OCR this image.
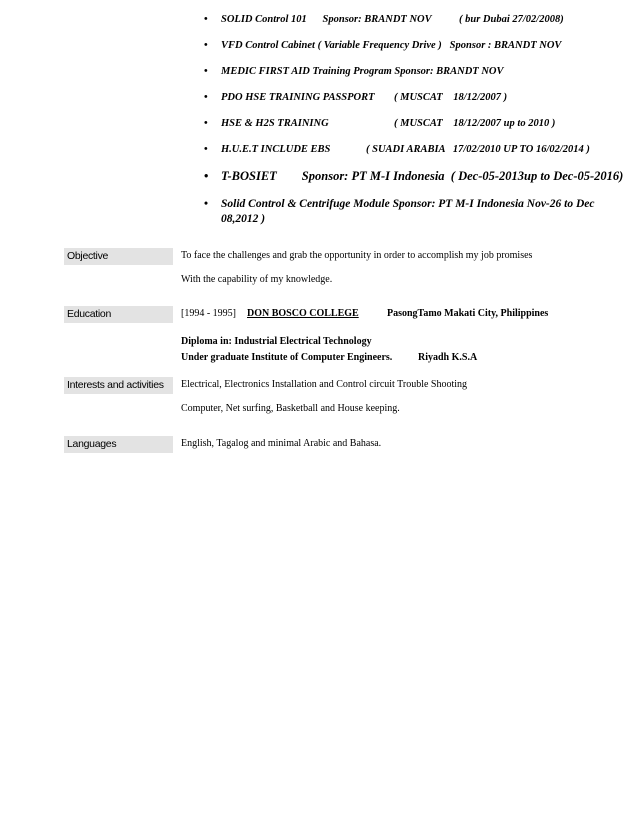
• SOLID Control 101      Sponsor: BRANDT NOV	( bur Dubai 27/02/2008)
• VFD Control Cabinet ( Variable Frequency Drive )   Sponsor : BRANDT NOV
• MEDIC FIRST AID Training Program Sponsor: BRANDT NOV
• PDO HSE TRAINING PASSPORT ( MUSCAT    18/12/2007 )
• HSE & H2S TRAINING	( MUSCAT    18/12/2007 up to 2010 )
• H.U.E.T INCLUDE EBS	( SUADI ARABIA   17/02/2010 UP TO 16/02/2014 )
• T-BOSIET        Sponsor: PT M-I Indonesia  ( Dec-05-2013up to Dec-05-2016)
• Solid Control & Centrifuge Module Sponsor: PT M-I Indonesia Nov-26 to Dec 08,2012 )
Objective	To face the challenges and grab the opportunity in order to accomplish my job promises
With the capability of my knowledge.
Education	[1994 - 1995] DON BOSCO COLLEGE	PasongTamo Makati City, Philippines
Diploma in: Industrial Electrical Technology
Under graduate Institute of Computer Engineers.	Riyadh K.S.A
Interests and activities	Electrical, Electronics Installation and Control circuit Trouble Shooting
Computer, Net surfing, Basketball and House keeping.
Languages	English, Tagalog and minimal Arabic and Bahasa.
